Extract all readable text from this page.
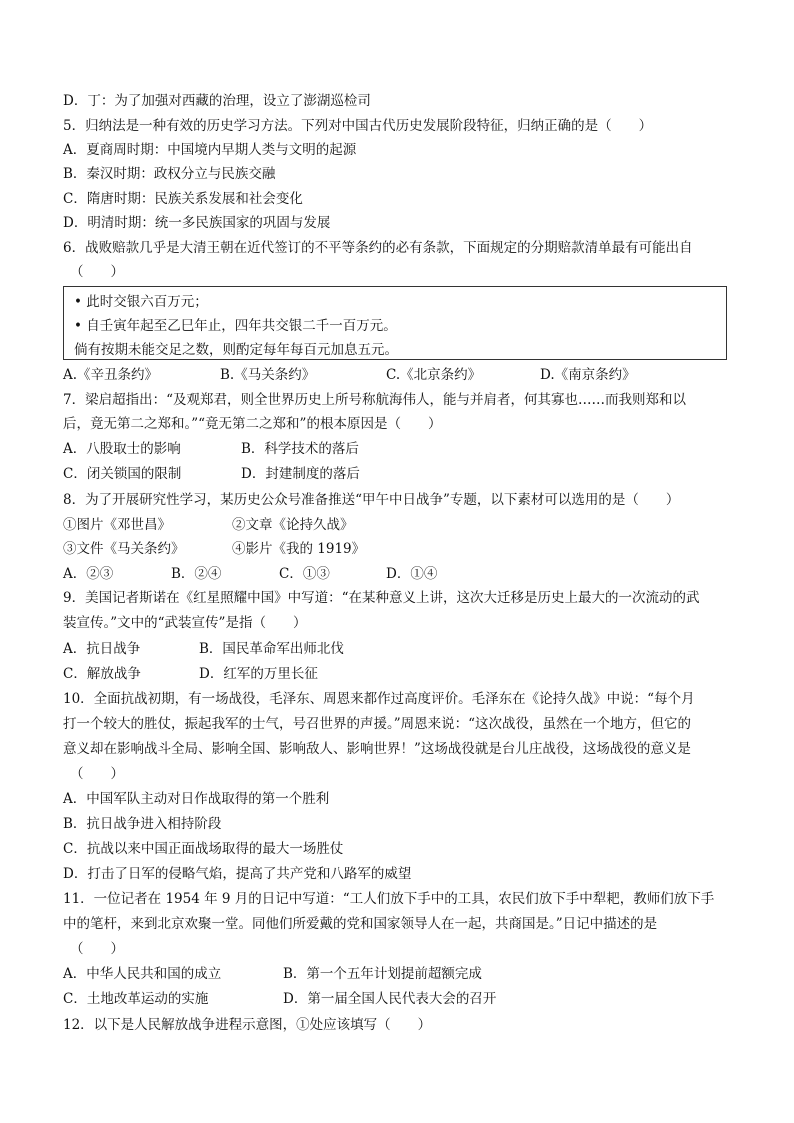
D．丁：为了加强对西藏的治理，设立了澎湖巡检司
5．归纳法是一种有效的历史学习方法。下列对中国古代历史发展阶段特征，归纳正确的是（　　）
A．夏商周时期：中国境内早期人类与文明的起源
B．秦汉时期：政权分立与民族交融
C．隋唐时期：民族关系发展和社会变化
D．明清时期：统一多民族国家的巩固与发展
6．战败赔款几乎是大清王朝在近代签订的不平等条约的必有条款，下面规定的分期赔款清单最有可能出自
（　　）
• 此时交银六百万元；
• 自壬寅年起至乙巳年止，四年共交银二千一百万元。
倘有按期未能交足之数，则酌定每年每百元加息五元。
A.《辛丑条约》	B.《马关条约》	C.《北京条约》	D.《南京条约》
7．梁启超指出：“及观郑君，则全世界历史上所号称航海伟人，能与并肩者，何其寡也……而我则郑和以
后，竟无第二之郑和。”“竟无第二之郑和”的根本原因是（　　）
A．八股取士的影响	B．科学技术的落后
C．闭关锁国的限制	D．封建制度的落后
8．为了开展研究性学习，某历史公众号准备推送“甲午中日战争”专题，以下素材可以选用的是（　　）
①图片《邓世昌》	②文章《论持久战》
③文件《马关条约》	④影片《我的 1919》
A．②③	B．②④	C．①③	D．①④
9．美国记者斯诺在《红星照耀中国》中写道：“在某种意义上讲，这次大迁移是历史上最大的一次流动的武
装宣传。”文中的“武装宣传”是指（　　）
A．抗日战争	B．国民革命军出师北伐
C．解放战争	D．红军的万里长征
10．全面抗战初期，有一场战役，毛泽东、周恩来都作过高度评价。毛泽东在《论持久战》中说：“每个月
打一个较大的胜仗，振起我军的士气，号召世界的声援。”周恩来说：“这次战役，虽然在一个地方，但它的
意义却在影响战斗全局、影响全国、影响敌人、影响世界！”这场战役就是台儿庄战役，这场战役的意义是
（　　）
A．中国军队主动对日作战取得的第一个胜利
B．抗日战争进入相持阶段
C．抗战以来中国正面战场取得的最大一场胜仗
D．打击了日军的侵略气焰，提高了共产党和八路军的威望
11．一位记者在 1954 年 9 月的日记中写道：“工人们放下手中的工具，农民们放下手中犁耙，教师们放下手
中的笔杆，来到北京欢聚一堂。同他们所爱戴的党和国家领导人在一起，共商国是。”日记中描述的是
（　　）
A．中华人民共和国的成立	B．第一个五年计划提前超额完成
C．土地改革运动的实施	D．第一届全国人民代表大会的召开
12．以下是人民解放战争进程示意图，①处应该填写（　　）
